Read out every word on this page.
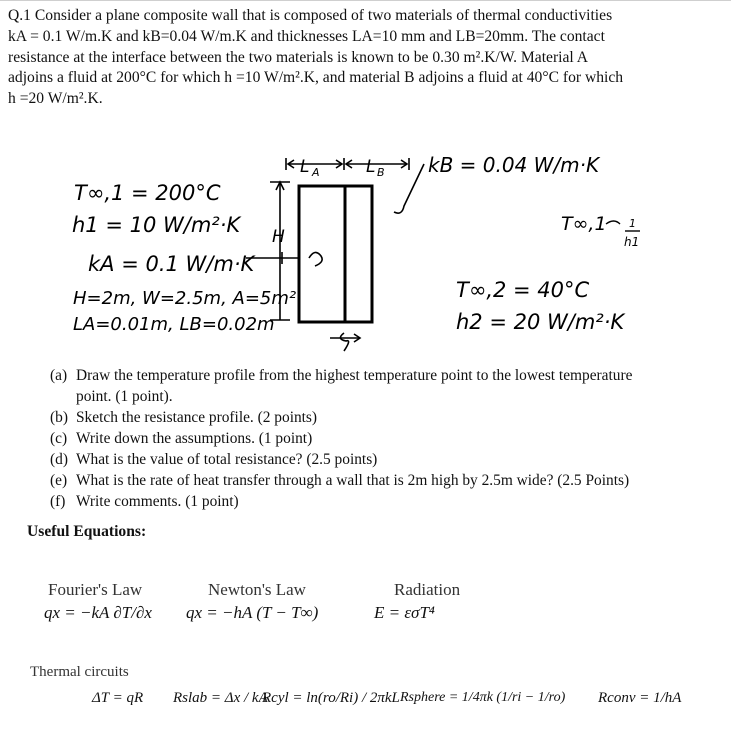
Q.1 Consider a plane composite wall that is composed of two materials of thermal conductivities

kA = 0.1 W/m.K and kB=0.04 W/m.K and thicknesses LA=10 mm and LB=20mm. The contact

resistance at the interface between the two materials is known to be 0.30 m².K/W. Material A

adjoins a fluid at 200°C for which h =10 W/m².K, and material B adjoins a fluid at 40°C for which

h =20 W/m².K.

L A	L B kB = 0.04 W/m·K
T∞,1 = 200°C
h1 = 10 W/m²·K H
kA = 0.1 W/m·K
H=2m, W=2.5m, A=5m²
LA=0.01m, LB=0.02m
T∞,1 1
h1
T∞,2 = 40°C
h2 = 20 W/m²·K
(a) Draw the temperature profile from the highest temperature point to the lowest temperature
point. (1 point).
(b) Sketch the resistance profile. (2 points)
(c) Write down the assumptions. (1 point)
(d) What is the value of total resistance? (2.5 points)
(e) What is the rate of heat transfer through a wall that is 2m high by 2.5m wide? (2.5 Points)
(f) Write comments. (1 point)
Useful Equations:
Fourier's Law
qx = −kA ∂T/∂x
Newton's Law
qx = −hA (T − T∞)
Radiation
E = εσT⁴
Thermal circuits
ΔT = qR Rslab = Δx / kA
Rcyl = ln(ro/Ri) / 2πkL Rsphere = 1/4πk (1/ri − 1/ro) Rconv = 1/hA
